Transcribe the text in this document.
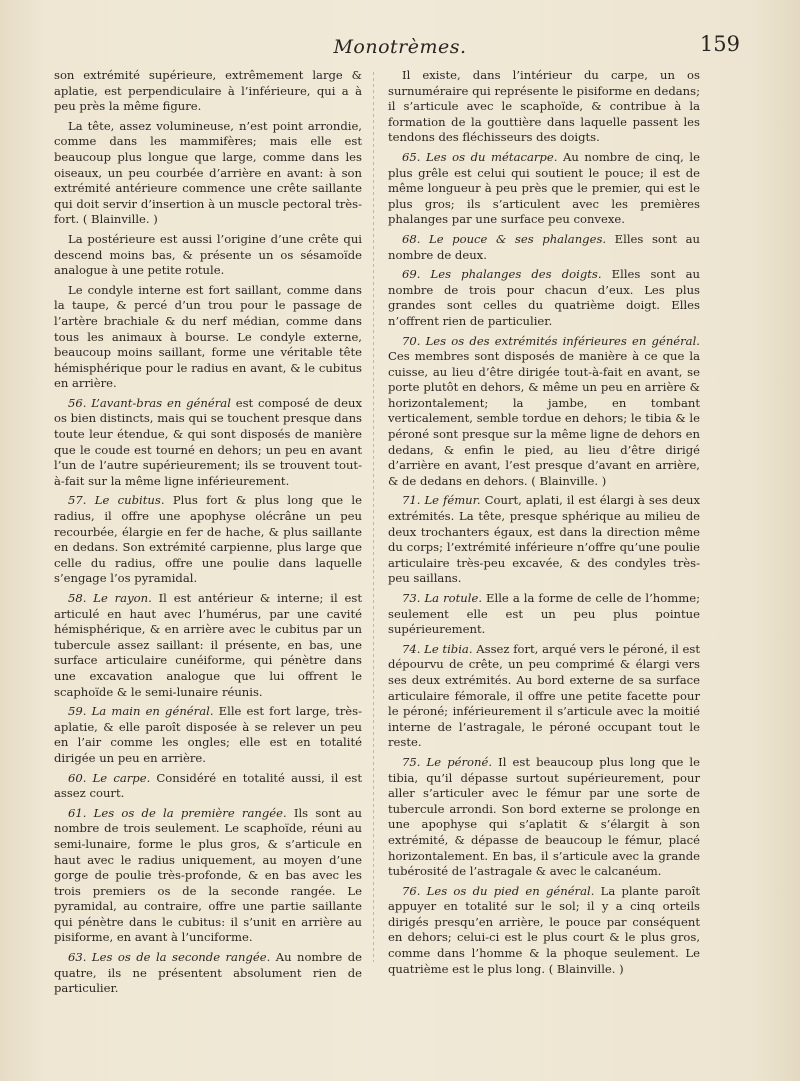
Monotrèmes.	159

son extrémité supérieure, extrêmement large & aplatie, est perpendiculaire à l’inférieure, qui a à peu près la même figure.

La tête, assez volumineuse, n’est point arrondie, comme dans les mammifères; mais elle est beaucoup plus longue que large, comme dans les oiseaux, un peu courbée d’arrière en avant: à son extrémité antérieure commence une crête saillante qui doit servir d’insertion à un muscle pectoral très-fort. ( Blainville. )

La postérieure est aussi l’origine d’une crête qui descend moins bas, & présente un os sésamoïde analogue à une petite rotule.

Le condyle interne est fort saillant, comme dans la taupe, & percé d’un trou pour le passage de l’artère brachiale & du nerf médian, comme dans tous les animaux à bourse. Le condyle externe, beaucoup moins saillant, forme une véritable tête hémisphérique pour le radius en avant, & le cubitus en arrière.

56. L’avant-bras en général est composé de deux os bien distincts, mais qui se touchent presque dans toute leur étendue, & qui sont disposés de manière que le coude est tourné en dehors; un peu en avant l’un de l’autre supérieurement; ils se trouvent tout-à-fait sur la même ligne inférieurement.

57. Le cubitus. Plus fort & plus long que le radius, il offre une apophyse olécrâne un peu recourbée, élargie en fer de hache, & plus saillante en dedans. Son extrémité carpienne, plus large que celle du radius, offre une poulie dans laquelle s’engage l’os pyramidal.

58. Le rayon. Il est antérieur & interne; il est articulé en haut avec l’humérus, par une cavité hémisphérique, & en arrière avec le cubitus par un tubercule assez saillant: il présente, en bas, une surface articulaire cunéiforme, qui pénètre dans une excavation analogue que lui offrent le scaphoïde & le semi-lunaire réunis.

59. La main en général. Elle est fort large, très-aplatie, & elle paroît disposée à se relever un peu en l’air comme les ongles; elle est en totalité dirigée un peu en arrière.

60. Le carpe. Considéré en totalité aussi, il est assez court.

61. Les os de la première rangée. Ils sont au nombre de trois seulement. Le scaphoïde, réuni au semi-lunaire, forme le plus gros, & s’articule en haut avec le radius uniquement, au moyen d’une gorge de poulie très-profonde, & en bas avec les trois premiers os de la seconde rangée. Le pyramidal, au contraire, offre une partie saillante qui pénètre dans le cubitus: il s’unit en arrière au pisiforme, en avant à l’unciforme.

63. Les os de la seconde rangée. Au nombre de quatre, ils ne présentent absolument rien de particulier.

Il existe, dans l’intérieur du carpe, un os surnuméraire qui représente le pisiforme en dedans; il s’articule avec le scaphoïde, & contribue à la formation de la gouttière dans laquelle passent les tendons des fléchisseurs des doigts.

65. Les os du métacarpe. Au nombre de cinq, le plus grêle est celui qui soutient le pouce; il est de même longueur à peu près que le premier, qui est le plus gros; ils s’articulent avec les premières phalanges par une surface peu convexe.

68. Le pouce & ses phalanges. Elles sont au nombre de deux.

69. Les phalanges des doigts. Elles sont au nombre de trois pour chacun d’eux. Les plus grandes sont celles du quatrième doigt. Elles n’offrent rien de particulier.

70. Les os des extrémités inférieures en général. Ces membres sont disposés de manière à ce que la cuisse, au lieu d’être dirigée tout-à-fait en avant, se porte plutôt en dehors, & même un peu en arrière & horizontalement; la jambe, en tombant verticalement, semble tordue en dehors; le tibia & le péroné sont presque sur la même ligne de dehors en dedans, & enfin le pied, au lieu d’être dirigé d’arrière en avant, l’est presque d’avant en arrière, & de dedans en dehors. ( Blainville. )

71. Le fémur. Court, aplati, il est élargi à ses deux extrémités. La tête, presque sphérique au milieu de deux trochanters égaux, est dans la direction même du corps; l’extrémité inférieure n’offre qu’une poulie articulaire très-peu excavée, & des condyles très-peu saillans.

73. La rotule. Elle a la forme de celle de l’homme; seulement elle est un peu plus pointue supérieurement.

74. Le tibia. Assez fort, arqué vers le péroné, il est dépourvu de crête, un peu comprimé & élargi vers ses deux extrémités. Au bord externe de sa surface articulaire fémorale, il offre une petite facette pour le péroné; inférieurement il s’articule avec la moitié interne de l’astragale, le péroné occupant tout le reste.

75. Le péroné. Il est beaucoup plus long que le tibia, qu’il dépasse surtout supérieurement, pour aller s’articuler avec le fémur par une sorte de tubercule arrondi. Son bord externe se prolonge en une apophyse qui s’aplatit & s’élargit à son extrémité, & dépasse de beaucoup le fémur, placé horizontalement. En bas, il s’articule avec la grande tubérosité de l’astragale & avec le calcanéum.

76. Les os du pied en général. La plante paroît appuyer en totalité sur le sol; il y a cinq orteils dirigés presqu’en arrière, le pouce par conséquent en dehors; celui-ci est le plus court & le plus gros, comme dans l’homme & la phoque seulement. Le quatrième est le plus long. ( Blainville. )
